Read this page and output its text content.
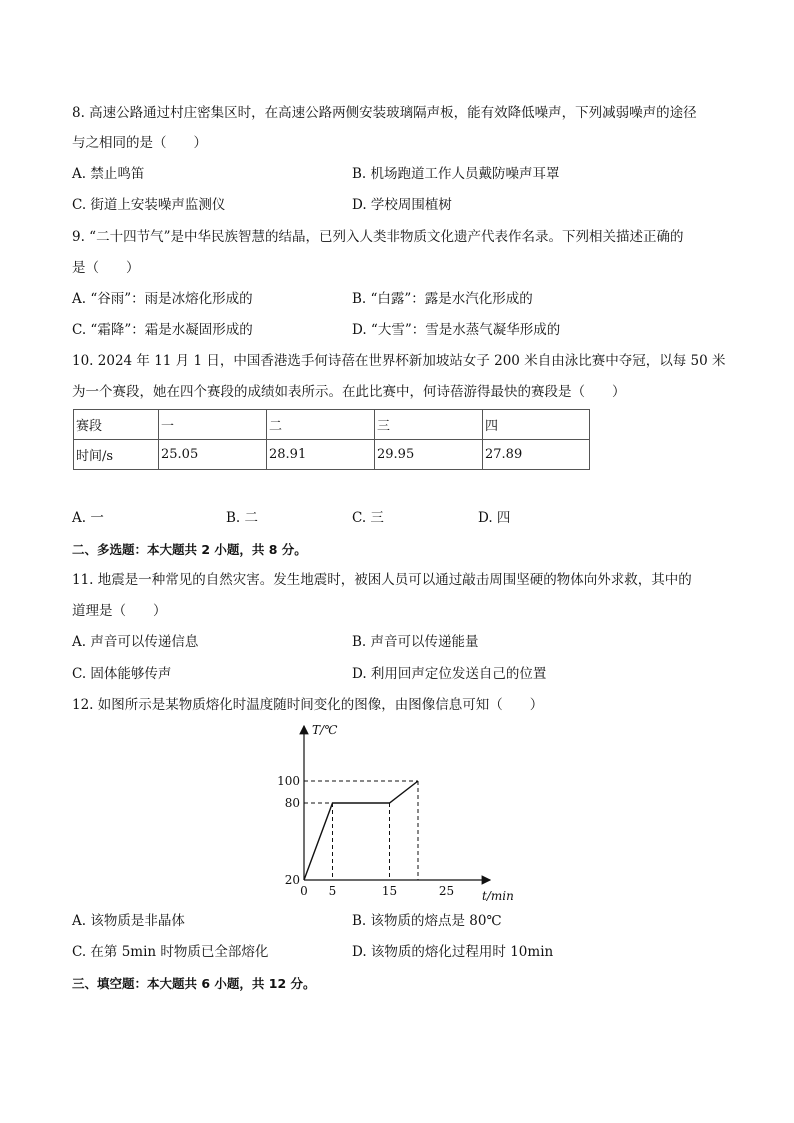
8. 高速公路通过村庄密集区时，在高速公路两侧安装玻璃隔声板，能有效降低噪声，下列减弱噪声的途径
与之相同的是（　　）
A. 禁止鸣笛	B. 机场跑道工作人员戴防噪声耳罩
C. 街道上安装噪声监测仪	D. 学校周围植树
9. “二十四节气”是中华民族智慧的结晶，已列入人类非物质文化遗产代表作名录。下列相关描述正确的
是（　　）
A. “谷雨”：雨是冰熔化形成的	B. “白露”：露是水汽化形成的
C. “霜降”：霜是水凝固形成的	D. “大雪”：雪是水蒸气凝华形成的
10. 2024 年 11 月 1 日，中国香港选手何诗蓓在世界杯新加坡站女子 200 米自由泳比赛中夺冠，以每 50 米
为一个赛段，她在四个赛段的成绩如表所示。在此比赛中，何诗蓓游得最快的赛段是（　　）
赛段	一	二	三	四
时间/s	25.05	28.91	29.95	27.89
A. 一	B. 二	C. 三	D. 四
二、多选题：本大题共 2 小题，共 8 分。
11. 地震是一种常见的自然灾害。发生地震时，被困人员可以通过敲击周围坚硬的物体向外求救，其中的
道理是（　　）
A. 声音可以传递信息	B. 声音可以传递能量
C. 固体能够传声	D. 利用回声定位发送自己的位置
12. 如图所示是某物质熔化时温度随时间变化的图像，由图像信息可知（　　）
0 5	15	25
20
80
100
t/min
T/℃
A. 该物质是非晶体	B. 该物质的熔点是 80℃
C. 在第 5min 时物质已全部熔化	D. 该物质的熔化过程用时 10min
三、填空题：本大题共 6 小题，共 12 分。
